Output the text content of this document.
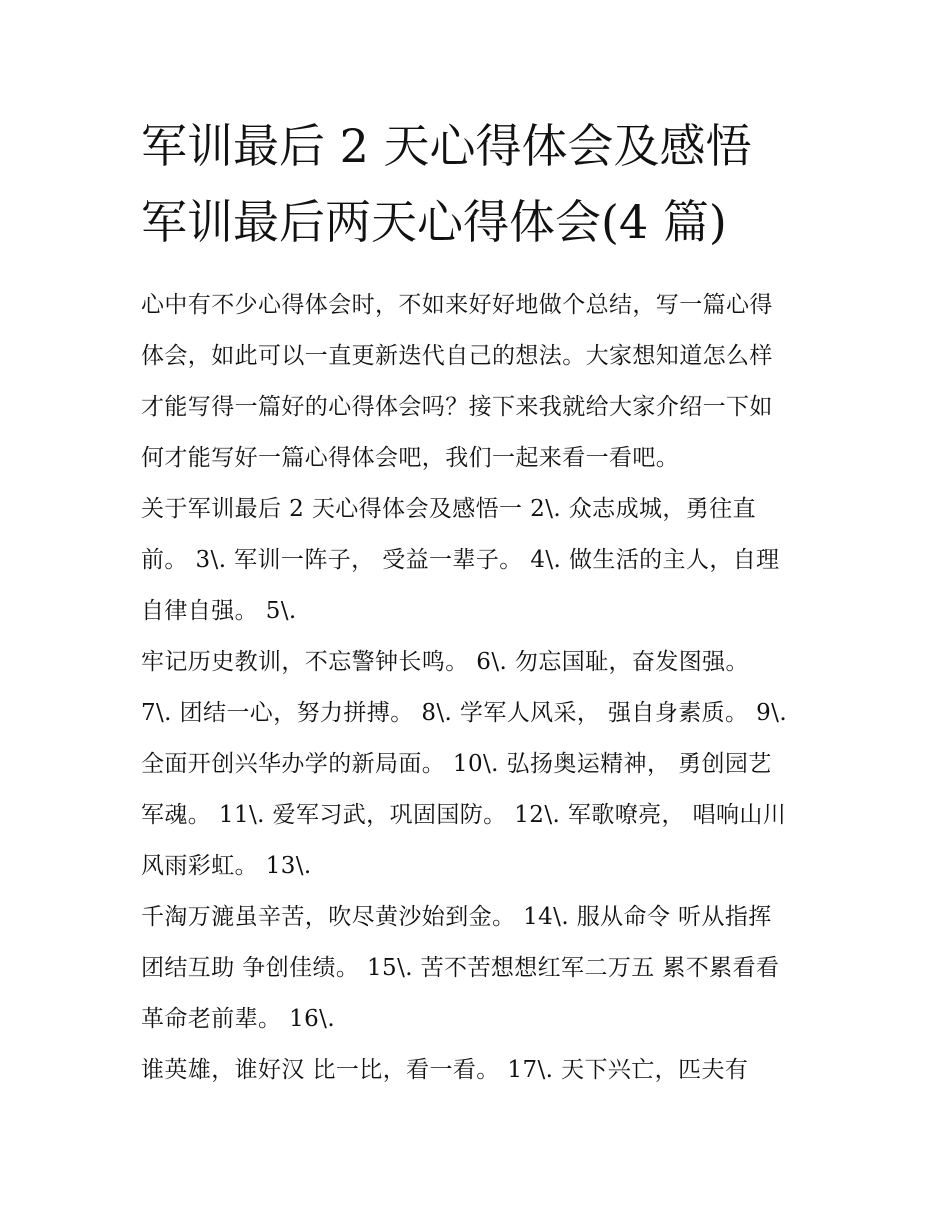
军训最后 2 天心得体会及感悟
军训最后两天心得体会(4 篇)

心中有不少心得体会时，不如来好好地做个总结，写一篇心得
体会，如此可以一直更新迭代自己的想法。大家想知道怎么样
才能写得一篇好的心得体会吗？接下来我就给大家介绍一下如
何才能写好一篇心得体会吧，我们一起来看一看吧。

关于军训最后 2 天心得体会及感悟一 2\. 众志成城，勇往直
前。 3\. 军训一阵子， 受益一辈子。 4\. 做生活的主人，自理
自律自强。 5\.

牢记历史教训，不忘警钟长鸣。 6\. 勿忘国耻，奋发图强。
7\. 团结一心，努力拼搏。 8\. 学军人风采， 强自身素质。 9\.
全面开创兴华办学的新局面。 10\. 弘扬奥运精神， 勇创园艺
军魂。 11\. 爱军习武，巩固国防。 12\. 军歌嘹亮， 唱响山川
风雨彩虹。 13\.

千淘万漉虽辛苦，吹尽黄沙始到金。 14\. 服从命令 听从指挥
团结互助 争创佳绩。 15\. 苦不苦想想红军二万五 累不累看看
革命老前辈。 16\.

谁英雄，谁好汉 比一比，看一看。 17\. 天下兴亡，匹夫有
